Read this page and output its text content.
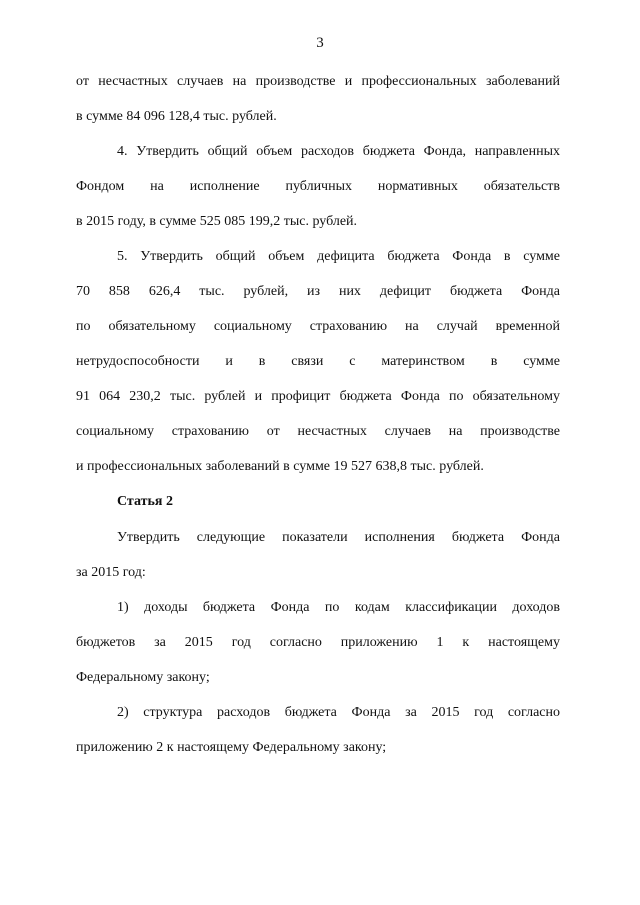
3

от несчастных случаев на производстве и профессиональных заболеваний
в сумме 84 096 128,4 тыс. рублей.

4. Утвердить общий объем расходов бюджета Фонда, направленных
Фондом на исполнение публичных нормативных обязательств
в 2015 году, в сумме 525 085 199,2 тыс. рублей.

5. Утвердить общий объем дефицита бюджета Фонда в сумме
70 858 626,4 тыс. рублей, из них дефицит бюджета Фонда
по обязательному социальному страхованию на случай временной
нетрудоспособности и в связи с материнством в сумме
91 064 230,2 тыс. рублей и профицит бюджета Фонда по обязательному
социальному страхованию от несчастных случаев на производстве
и профессиональных заболеваний в сумме 19 527 638,8 тыс. рублей.

Статья 2

Утвердить следующие показатели исполнения бюджета Фонда
за 2015 год:

1) доходы бюджета Фонда по кодам классификации доходов
бюджетов за 2015 год согласно приложению 1 к настоящему
Федеральному закону;

2) структура расходов бюджета Фонда за 2015 год согласно
приложению 2 к настоящему Федеральному закону;
